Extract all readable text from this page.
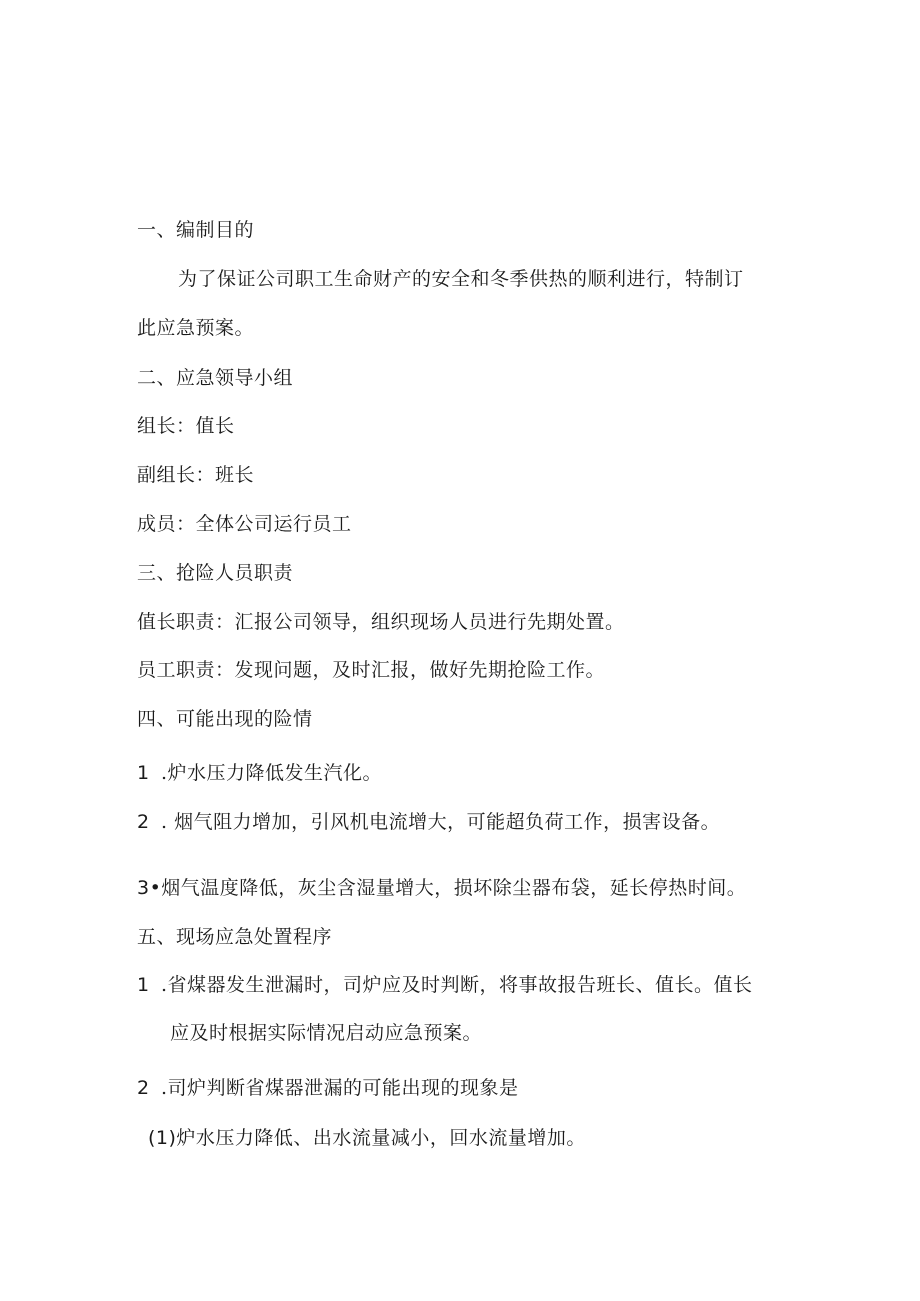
一、编制目的
为了保证公司职工生命财产的安全和冬季供热的顺利进行，特制订
此应急预案。
二、应急领导小组
组长：值长
副组长：班长
成员：全体公司运行员工
三、抢险人员职责
值长职责：汇报公司领导，组织现场人员进行先期处置。
员工职责：发现问题，及时汇报，做好先期抢险工作。
四、可能出现的险情
1 .炉水压力降低发生汽化。
2 . 烟气阻力增加，引风机电流增大，可能超负荷工作，损害设备。
3•烟气温度降低，灰尘含湿量增大，损坏除尘器布袋，延长停热时间。
五、现场应急处置程序
1 .省煤器发生泄漏时，司炉应及时判断，将事故报告班长、值长。值长
应及时根据实际情况启动应急预案。
2 .司炉判断省煤器泄漏的可能出现的现象是
(1)炉水压力降低、出水流量减小，回水流量增加。
